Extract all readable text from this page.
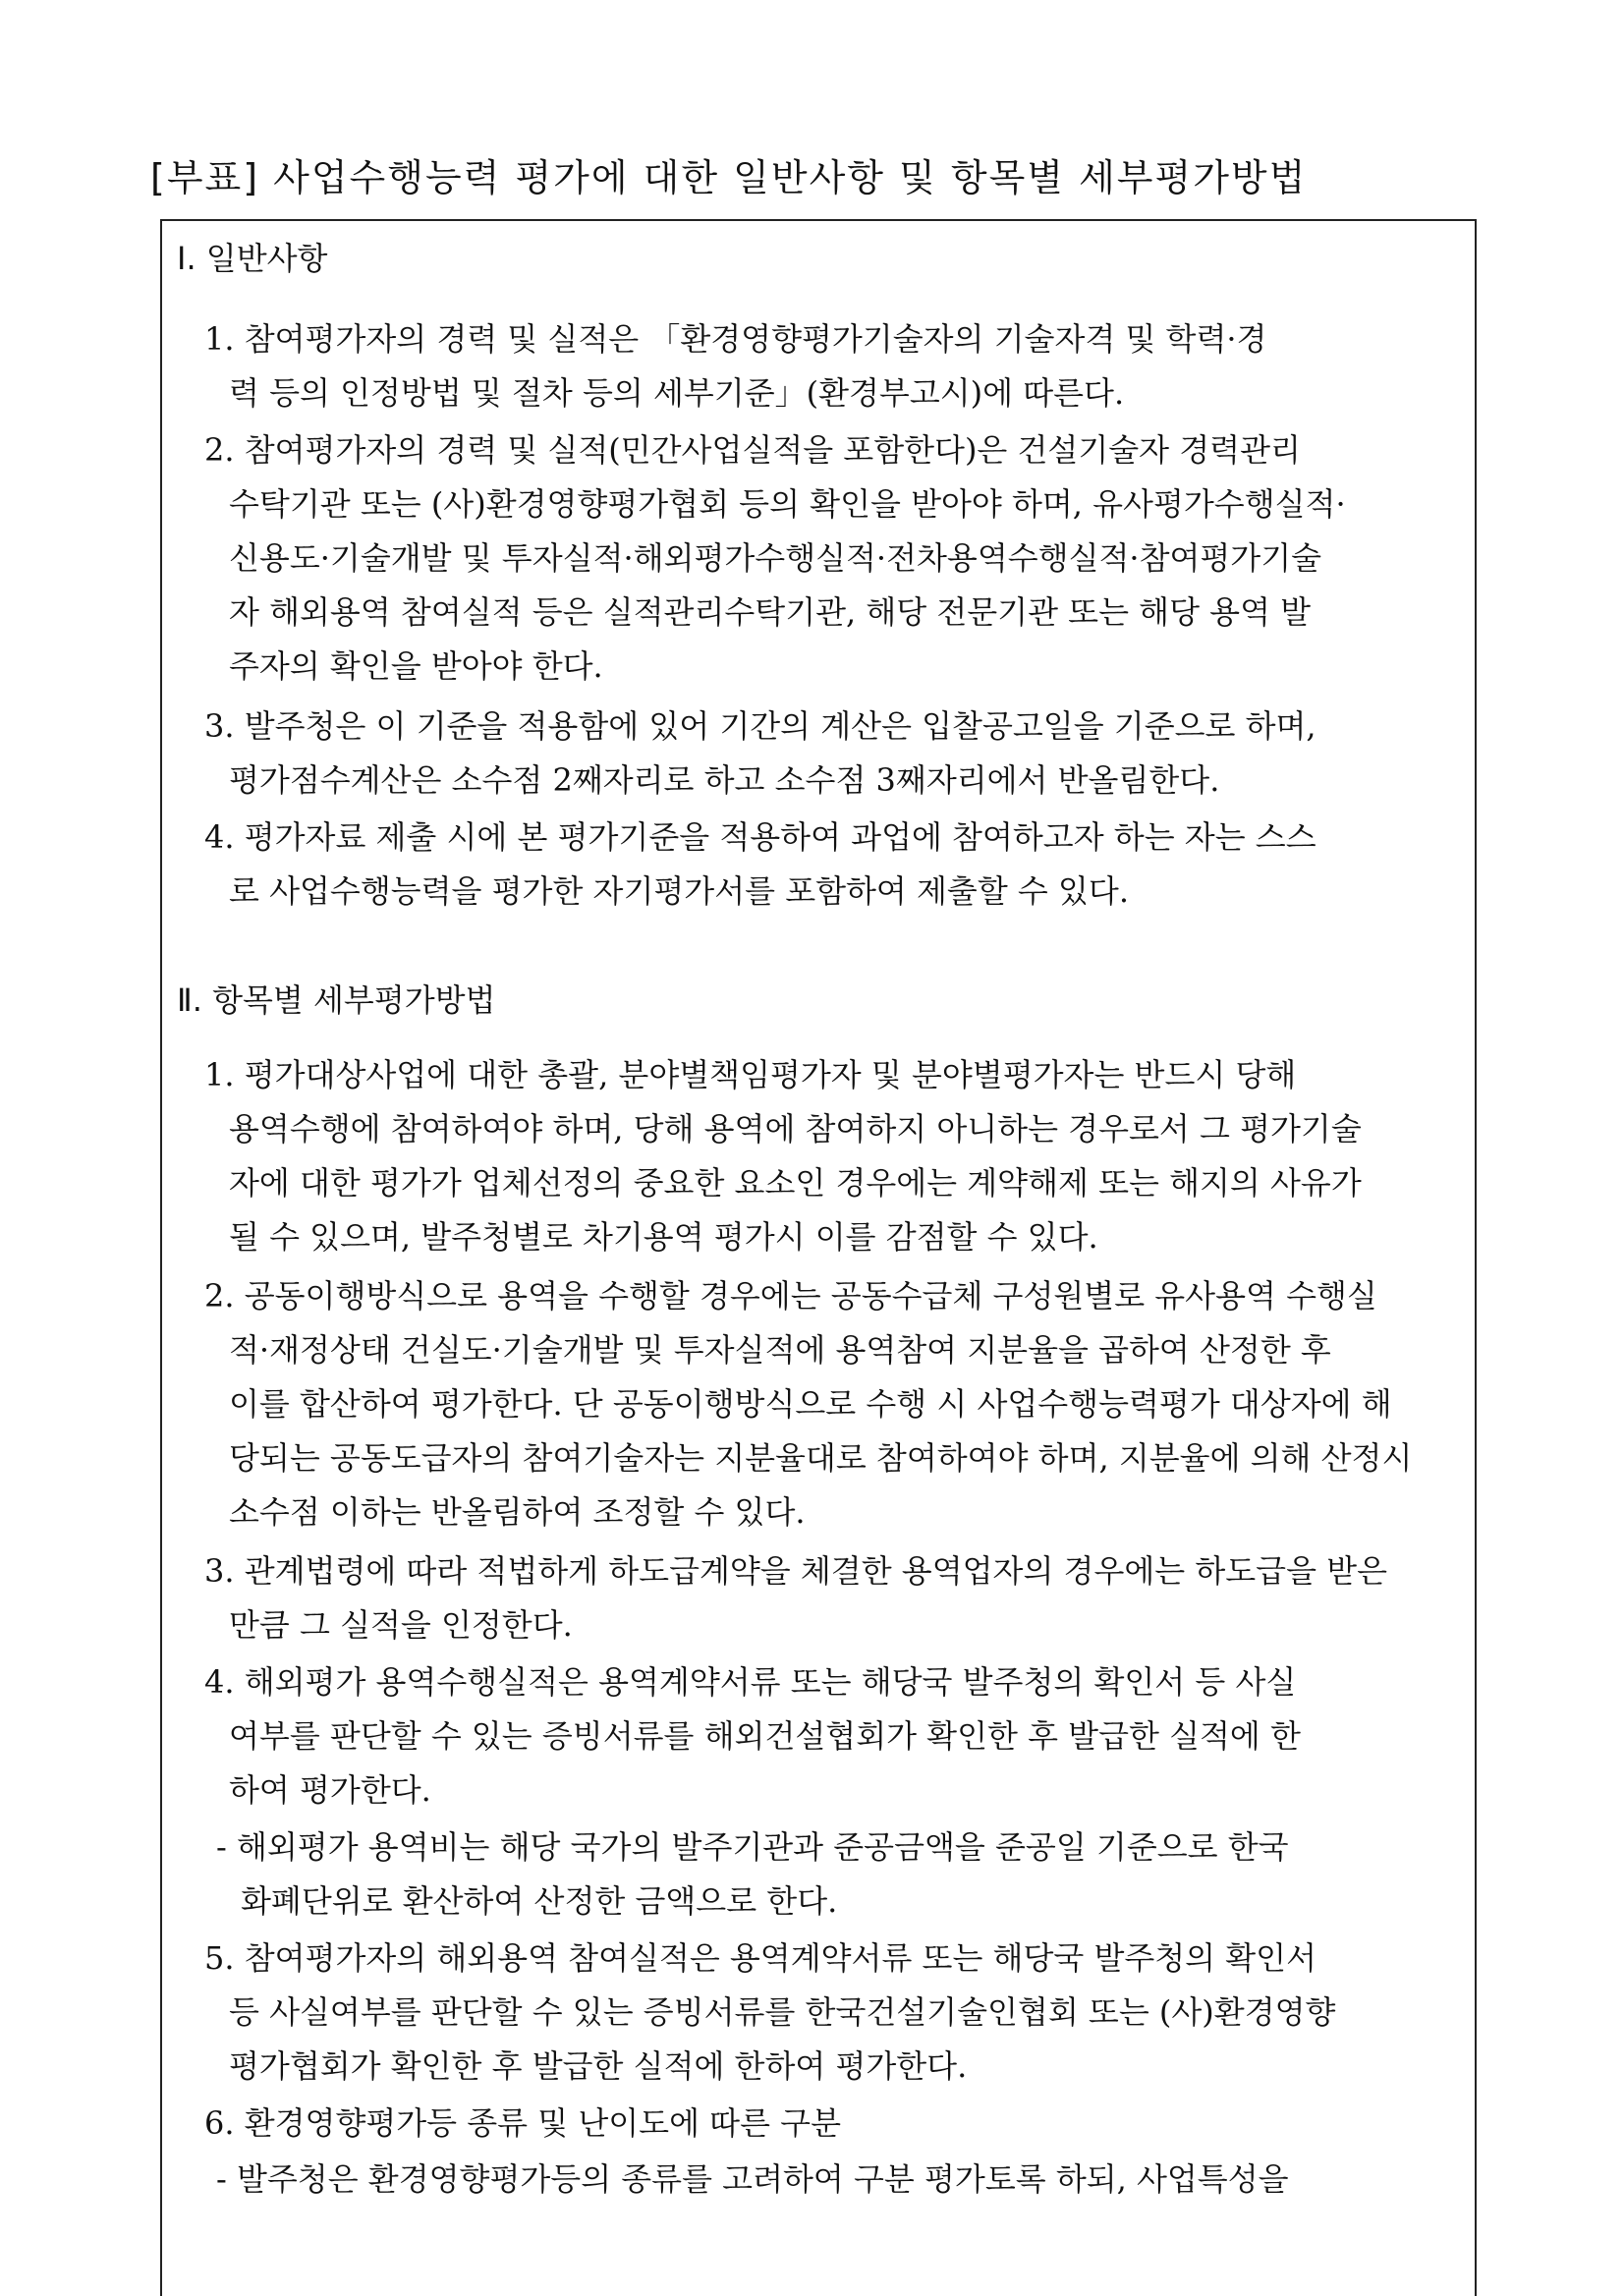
[부표] 사업수행능력 평가에 대한 일반사항 및 항목별 세부평가방법
Ⅰ. 일반사항
1. 참여평가자의 경력 및 실적은 「환경영향평가기술자의 기술자격 및 학력·경
력 등의 인정방법 및 절차 등의 세부기준」(환경부고시)에 따른다.
2. 참여평가자의 경력 및 실적(민간사업실적을 포함한다)은 건설기술자 경력관리
수탁기관 또는 (사)환경영향평가협회 등의 확인을 받아야 하며, 유사평가수행실적·
신용도·기술개발 및 투자실적·해외평가수행실적·전차용역수행실적·참여평가기술
자 해외용역 참여실적 등은 실적관리수탁기관, 해당 전문기관 또는 해당 용역 발
주자의 확인을 받아야 한다.
3. 발주청은 이 기준을 적용함에 있어 기간의 계산은 입찰공고일을 기준으로 하며,
평가점수계산은 소수점 2째자리로 하고 소수점 3째자리에서 반올림한다.
4. 평가자료 제출 시에 본 평가기준을 적용하여 과업에 참여하고자 하는 자는 스스
로 사업수행능력을 평가한 자기평가서를 포함하여 제출할 수 있다.
Ⅱ. 항목별 세부평가방법
1. 평가대상사업에 대한 총괄, 분야별책임평가자 및 분야별평가자는 반드시 당해
용역수행에 참여하여야 하며, 당해 용역에 참여하지 아니하는 경우로서 그 평가기술
자에 대한 평가가 업체선정의 중요한 요소인 경우에는 계약해제 또는 해지의 사유가
될 수 있으며, 발주청별로 차기용역 평가시 이를 감점할 수 있다.
2. 공동이행방식으로 용역을 수행할 경우에는 공동수급체 구성원별로 유사용역 수행실
적·재정상태 건실도·기술개발 및 투자실적에 용역참여 지분율을 곱하여 산정한 후
이를 합산하여 평가한다. 단 공동이행방식으로 수행 시 사업수행능력평가 대상자에 해
당되는 공동도급자의 참여기술자는 지분율대로 참여하여야 하며, 지분율에 의해 산정시
소수점 이하는 반올림하여 조정할 수 있다.
3. 관계법령에 따라 적법하게 하도급계약을 체결한 용역업자의 경우에는 하도급을 받은
만큼 그 실적을 인정한다.
4. 해외평가 용역수행실적은 용역계약서류 또는 해당국 발주청의 확인서 등 사실
여부를 판단할 수 있는 증빙서류를 해외건설협회가 확인한 후 발급한 실적에 한
하여 평가한다.
- 해외평가 용역비는 해당 국가의 발주기관과 준공금액을 준공일 기준으로 한국
화폐단위로 환산하여 산정한 금액으로 한다.
5. 참여평가자의 해외용역 참여실적은 용역계약서류 또는 해당국 발주청의 확인서
등 사실여부를 판단할 수 있는 증빙서류를 한국건설기술인협회 또는 (사)환경영향
평가협회가 확인한 후 발급한 실적에 한하여 평가한다.
6. 환경영향평가등 종류 및 난이도에 따른 구분
- 발주청은 환경영향평가등의 종류를 고려하여 구분 평가토록 하되, 사업특성을
